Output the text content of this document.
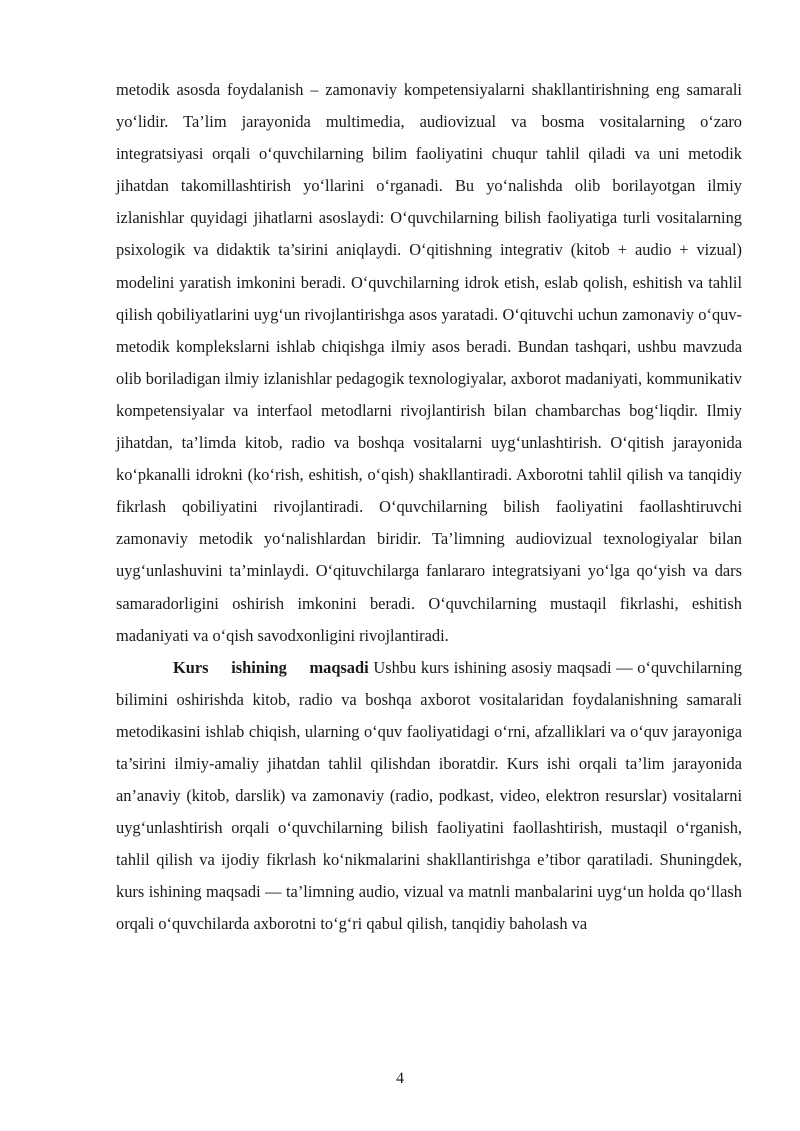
metodik asosda foydalanish – zamonaviy kompetensiyalarni shakllantirishning eng samarali yo‘lidir. Ta’lim jarayonida multimedia, audiovizual va bosma vositalarning o‘zaro integratsiyasi orqali o‘quvchilarning bilim faoliyatini chuqur tahlil qiladi va uni metodik jihatdan takomillashtirish yo‘llarini o‘rganadi. Bu yo‘nalishda olib borilayotgan ilmiy izlanishlar quyidagi jihatlarni asoslaydi: O‘quvchilarning bilish faoliyatiga turli vositalarning psixologik va didaktik ta’sirini aniqlaydi. O‘qitishning integrativ (kitob + audio + vizual) modelini yaratish imkonini beradi. O‘quvchilarning idrok etish, eslab qolish, eshitish va tahlil qilish qobiliyatlarini uyg‘un rivojlantirishga asos yaratadi. O‘qituvchi uchun zamonaviy o‘quv-metodik komplekslarni ishlab chiqishga ilmiy asos beradi. Bundan tashqari, ushbu mavzuda olib boriladigan ilmiy izlanishlar pedagogik texnologiyalar, axborot madaniyati, kommunikativ kompetensiyalar va interfaol metodlarni rivojlantirish bilan chambarchas bog‘liqdir. Ilmiy jihatdan, ta’limda kitob, radio va boshqa vositalarni uyg‘unlashtirish. O‘qitish jarayonida ko‘pkanalli idrokni (ko‘rish, eshitish, o‘qish) shakllantiradi. Axborotni tahlil qilish va tanqidiy fikrlash qobiliyatini rivojlantiradi. O‘quvchilarning bilish faoliyatini faollashtiruvchi zamonaviy metodik yo‘nalishlardan biridir. Ta’limning audiovizual texnologiyalar bilan uyg‘unlashuvini ta’minlaydi. O‘qituvchilarga fanlararo integratsiyani yo‘lga qo‘yish va dars samaradorligini oshirish imkonini beradi. O‘quvchilarning mustaqil fikrlashi, eshitish madaniyati va o‘qish savodxonligini rivojlantiradi.

Kurs ishining maqsadi Ushbu kurs ishining asosiy maqsadi — o‘quvchilarning bilimini oshirishda kitob, radio va boshqa axborot vositalaridan foydalanishning samarali metodikasini ishlab chiqish, ularning o‘quv faoliyatidagi o‘rni, afzalliklari va o‘quv jarayoniga ta’sirini ilmiy-amaliy jihatdan tahlil qilishdan iboratdir. Kurs ishi orqali ta’lim jarayonida an’anaviy (kitob, darslik) va zamonaviy (radio, podkast, video, elektron resurslar) vositalarni uyg‘unlashtirish orqali o‘quvchilarning bilish faoliyatini faollashtirish, mustaqil o‘rganish, tahlil qilish va ijodiy fikrlash ko‘nikmalarini shakllantirishga e’tibor qaratiladi. Shuningdek, kurs ishining maqsadi — ta’limning audio, vizual va matnli manbalarini uyg‘un holda qo‘llash orqali o‘quvchilarda axborotni to‘g‘ri qabul qilish, tanqidiy baholash va

4
